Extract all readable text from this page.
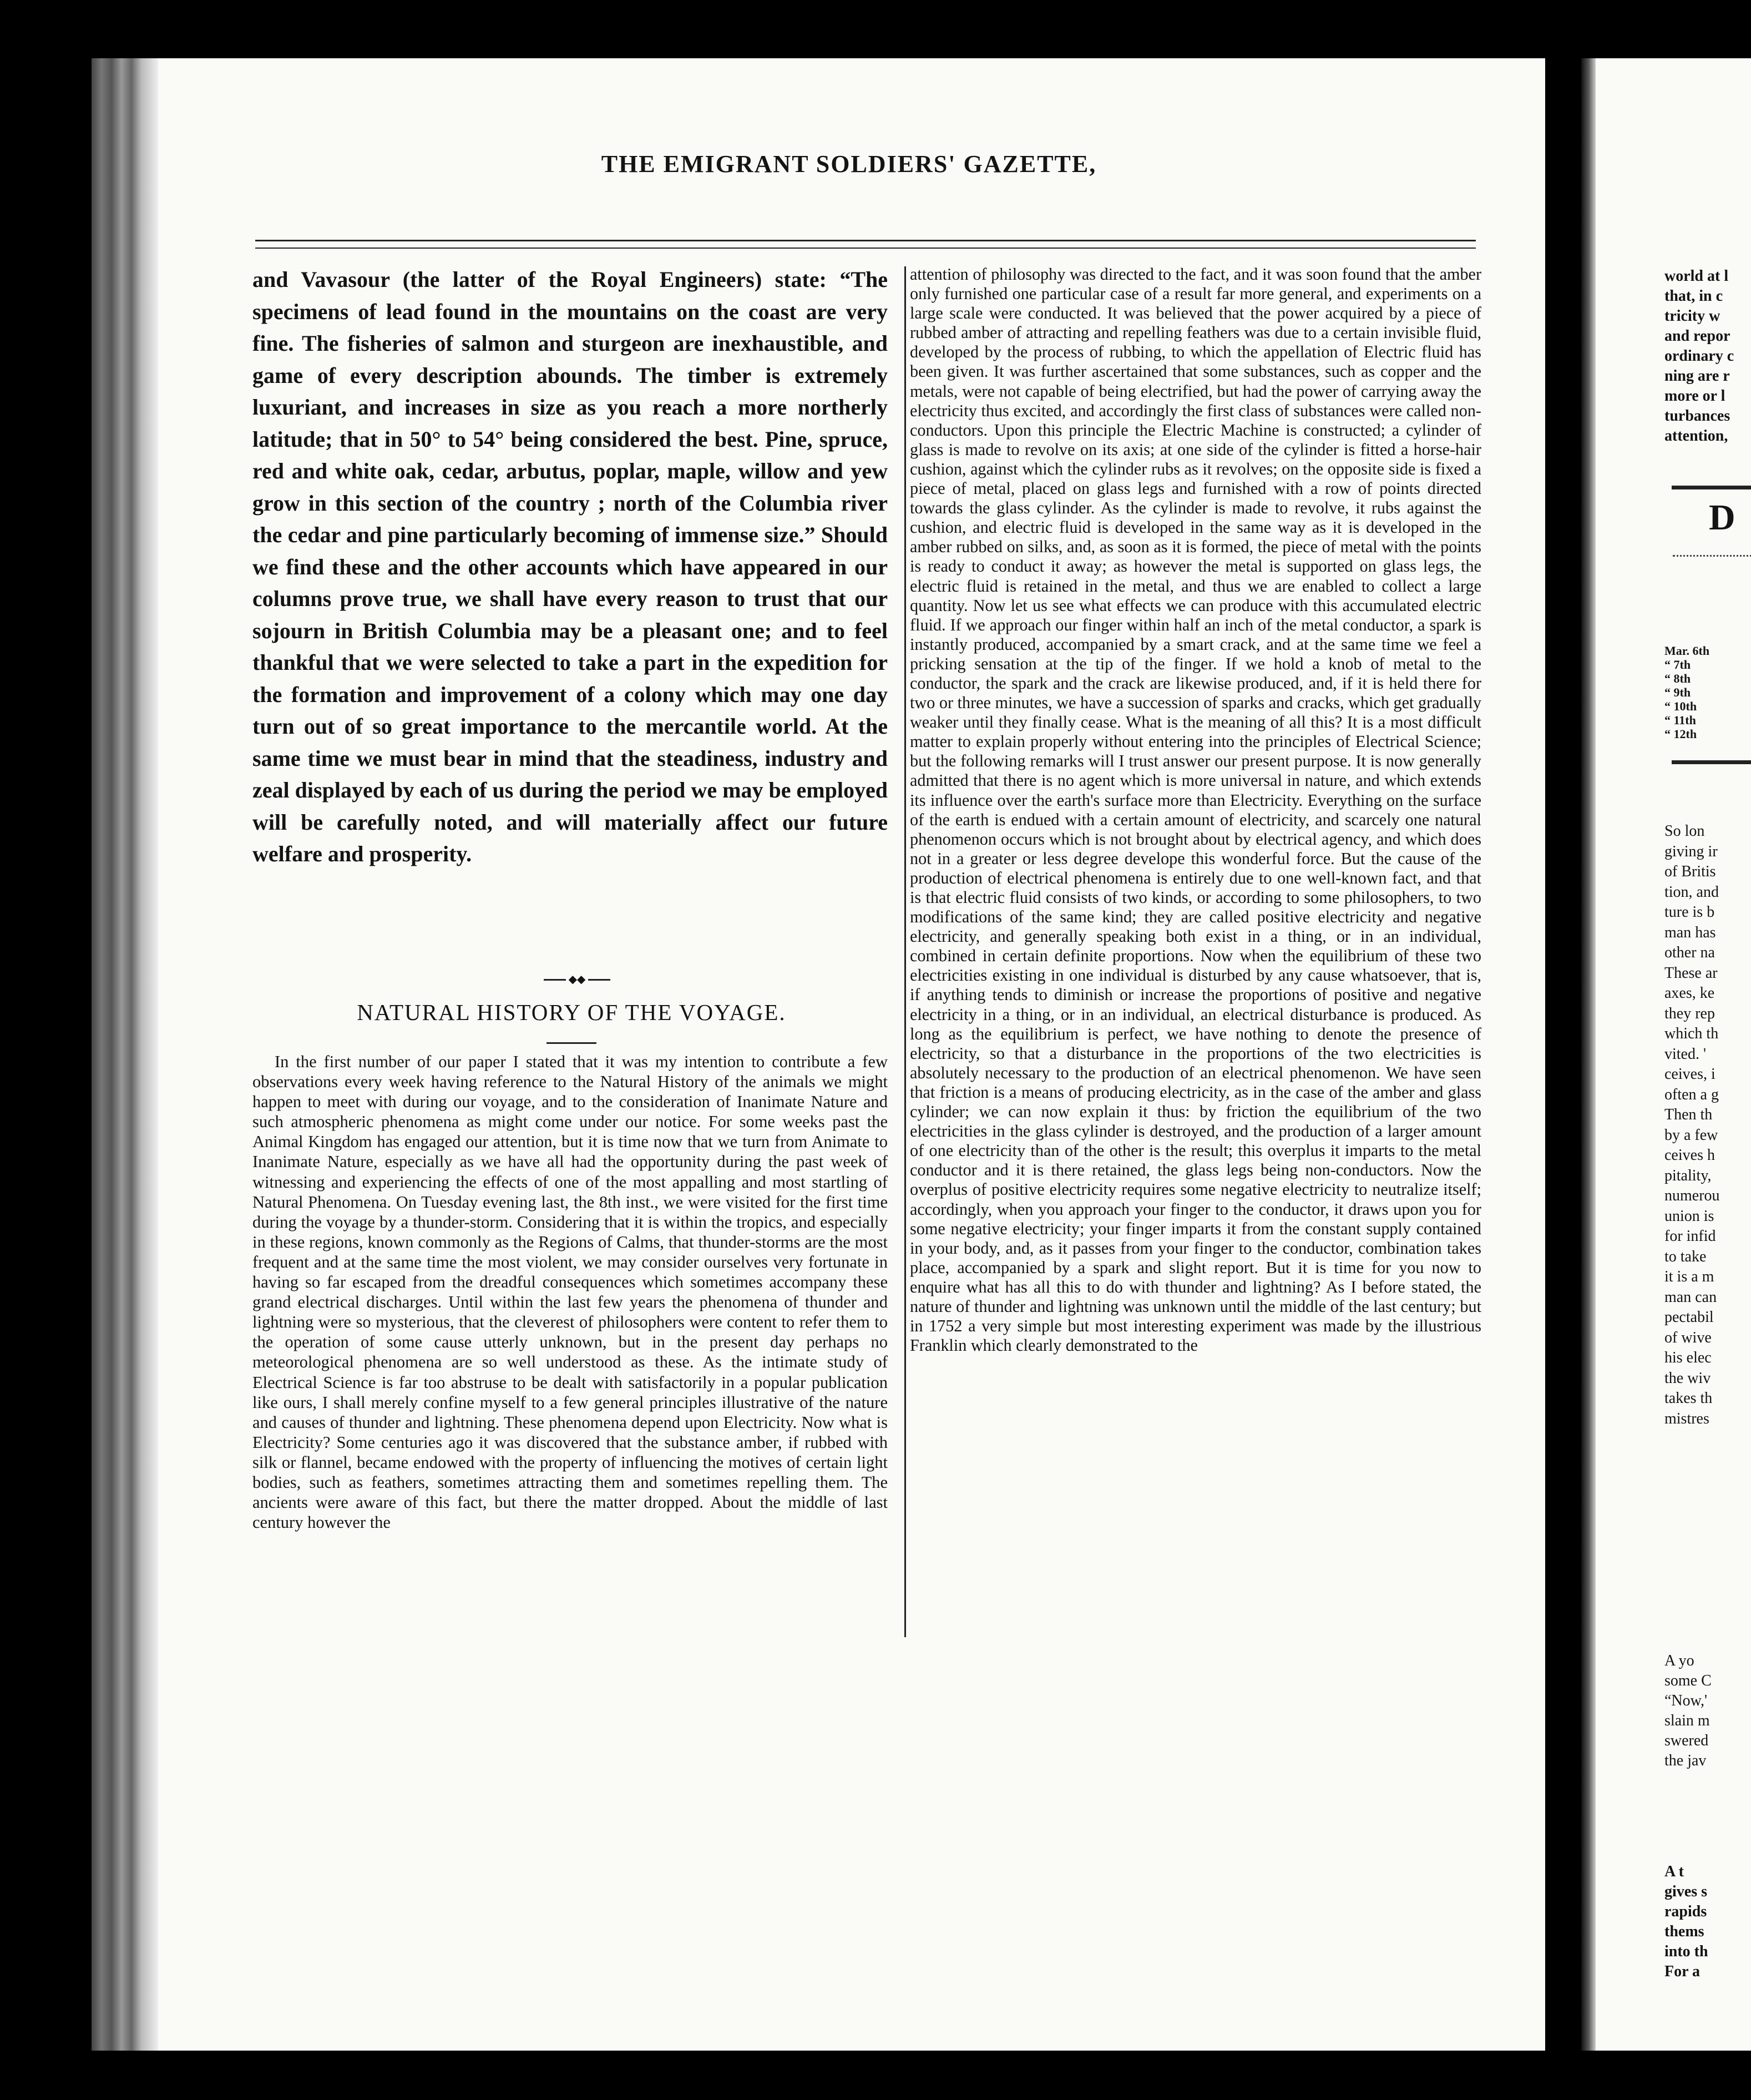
world at l
that, in c
tricity w
and repor
ordinary c
ning are r
more or l
turbances
attention,
D
Mar. 6th
“ 7th
“ 8th
“ 9th
“ 10th
“ 11th
“ 12th
So lon
giving ir
of Britis
tion, and
ture is b
man has
other na
These ar
axes, ke
they rep
which th
vited. '
ceives, i
often a g
Then th
by a few
ceives h
pitality,
numerou
union is
for infid
to take
it is a m
man can
pectabil
of wive
his elec
the wiv
takes th
mistres
A yo
some C
“Now,'
slain m
swered
the jav
A t
gives s
rapids
thems
into th
For a
THE EMIGRANT SOLDIERS' GAZETTE,

and Vavasour (the latter of the Royal Engineers) state: “The specimens of lead found in the mountains on the coast are very fine. The fisheries of salmon and sturgeon are inexhaustible, and game of every description abounds. The timber is extremely luxuriant, and increases in size as you reach a more northerly latitude; that in 50° to 54° being considered the best. Pine, spruce, red and white oak, cedar, arbutus, poplar, maple, willow and yew grow in this section of the country ; north of the Columbia river the cedar and pine particularly becoming of immense size.” Should we find these and the other accounts which have appeared in our columns prove true, we shall have every reason to trust that our sojourn in British Columbia may be a pleasant one; and to feel thankful that we were selected to take a part in the expedition for the formation and improvement of a colony which may one day turn out of so great importance to the mercantile world. At the same time we must bear in mind that the steadiness, industry and zeal displayed by each of us during the period we may be employed will be carefully noted, and will materially affect our future welfare and prosperity.

◆◆
NATURAL HISTORY OF THE VOYAGE.

In the first number of our paper I stated that it was my intention to contribute a few observations every week having reference to the Natural History of the animals we might happen to meet with during our voyage, and to the consideration of Inanimate Nature and such atmospheric phenomena as might come under our notice. For some weeks past the Animal Kingdom has engaged our attention, but it is time now that we turn from Animate to Inanimate Nature, especially as we have all had the opportunity during the past week of witnessing and experiencing the effects of one of the most appalling and most startling of Natural Phenomena. On Tuesday evening last, the 8th inst., we were visited for the first time during the voyage by a thunder-storm. Considering that it is within the tropics, and especially in these regions, known commonly as the Regions of Calms, that thunder-storms are the most frequent and at the same time the most violent, we may consider ourselves very fortunate in having so far escaped from the dreadful consequences which sometimes accompany these grand electrical discharges. Until within the last few years the phenomena of thunder and lightning were so mysterious, that the cleverest of philosophers were content to refer them to the operation of some cause utterly unknown, but in the present day perhaps no meteorological phenomena are so well understood as these. As the intimate study of Electrical Science is far too abstruse to be dealt with satisfactorily in a popular publication like ours, I shall merely confine myself to a few general principles illustrative of the nature and causes of thunder and lightning. These phenomena depend upon Electricity. Now what is Electricity? Some centuries ago it was discovered that the substance amber, if rubbed with silk or flannel, became endowed with the property of influencing the motives of certain light bodies, such as feathers, sometimes attracting them and sometimes repelling them. The ancients were aware of this fact, but there the matter dropped. About the middle of last century however the

attention of philosophy was directed to the fact, and it was soon found that the amber only furnished one particular case of a result far more general, and experiments on a large scale were conducted. It was believed that the power acquired by a piece of rubbed amber of attracting and repelling feathers was due to a certain invisible fluid, developed by the process of rubbing, to which the appellation of Electric fluid has been given. It was further ascertained that some substances, such as copper and the metals, were not capable of being electrified, but had the power of carrying away the electricity thus excited, and accordingly the first class of substances were called non-conductors. Upon this principle the Electric Machine is constructed; a cylinder of glass is made to revolve on its axis; at one side of the cylinder is fitted a horse-hair cushion, against which the cylinder rubs as it revolves; on the opposite side is fixed a piece of metal, placed on glass legs and furnished with a row of points directed towards the glass cylinder. As the cylinder is made to revolve, it rubs against the cushion, and electric fluid is developed in the same way as it is developed in the amber rubbed on silks, and, as soon as it is formed, the piece of metal with the points is ready to conduct it away; as however the metal is supported on glass legs, the electric fluid is retained in the metal, and thus we are enabled to collect a large quantity. Now let us see what effects we can produce with this accumulated electric fluid. If we approach our finger within half an inch of the metal conductor, a spark is instantly produced, accompanied by a smart crack, and at the same time we feel a pricking sensation at the tip of the finger. If we hold a knob of metal to the conductor, the spark and the crack are likewise produced, and, if it is held there for two or three minutes, we have a succession of sparks and cracks, which get gradually weaker until they finally cease. What is the meaning of all this? It is a most difficult matter to explain properly without entering into the principles of Electrical Science; but the following remarks will I trust answer our present purpose. It is now generally admitted that there is no agent which is more universal in nature, and which extends its influence over the earth's surface more than Electricity. Everything on the surface of the earth is endued with a certain amount of electricity, and scarcely one natural phenomenon occurs which is not brought about by electrical agency, and which does not in a greater or less degree develope this wonderful force. But the cause of the production of electrical phenomena is entirely due to one well-known fact, and that is that electric fluid consists of two kinds, or according to some philosophers, to two modifications of the same kind; they are called positive electricity and negative electricity, and generally speaking both exist in a thing, or in an individual, combined in certain definite proportions. Now when the equilibrium of these two electricities existing in one individual is disturbed by any cause whatsoever, that is, if anything tends to diminish or increase the proportions of positive and negative electricity in a thing, or in an individual, an electrical disturbance is produced. As long as the equilibrium is perfect, we have nothing to denote the presence of electricity, so that a disturbance in the proportions of the two electricities is absolutely necessary to the production of an electrical phenomenon. We have seen that friction is a means of producing electricity, as in the case of the amber and glass cylinder; we can now explain it thus: by friction the equilibrium of the two electricities in the glass cylinder is destroyed, and the production of a larger amount of one electricity than of the other is the result; this overplus it imparts to the metal conductor and it is there retained, the glass legs being non-conductors. Now the overplus of positive electricity requires some negative electricity to neutralize itself; accordingly, when you approach your finger to the conductor, it draws upon you for some negative electricity; your finger imparts it from the constant supply contained in your body, and, as it passes from your finger to the conductor, combination takes place, accompanied by a spark and slight report. But it is time for you now to enquire what has all this to do with thunder and lightning? As I before stated, the nature of thunder and lightning was unknown until the middle of the last century; but in 1752 a very simple but most interesting experiment was made by the illustrious Franklin which clearly demonstrated to the
